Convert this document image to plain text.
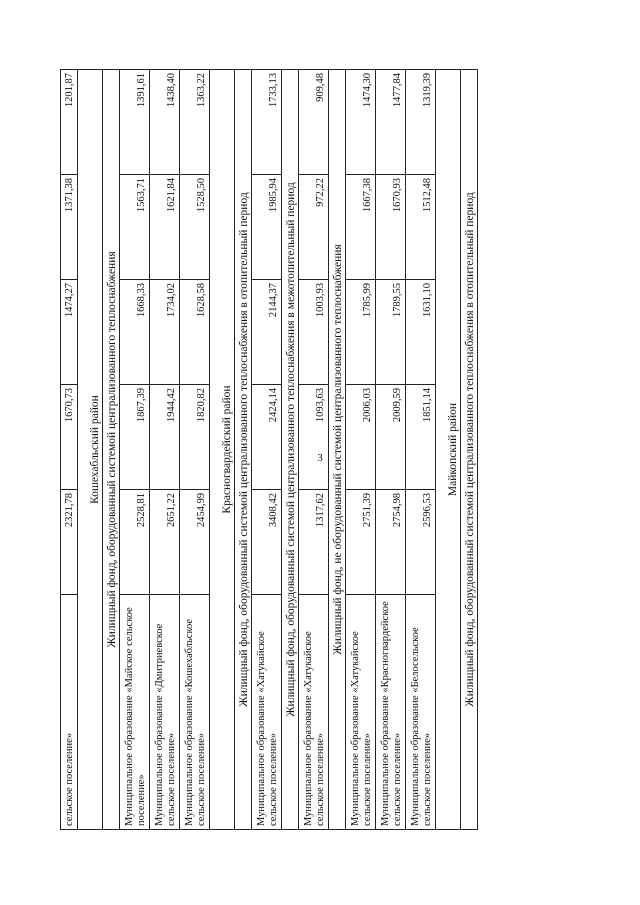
3
сельское поселение»	2321,78	1670,73	1474,27	1371,38	1201,87
Кошехабльский район					
Жилищный фонд, оборудованный системой централизованного теплоснабжения					
Муниципальное образование «Майское сельское поселение»	2528,81	1867,39	1668,33	1563,71	1391,61
Муниципальное образование «Дмитриевское сельское поселение»	2651,22	1944,42	1734,02	1621,84	1438,40
Муниципальное образование «Кошехабльское сельское поселение»	2454,99	1820,82	1628,58	1528,50	1363,22
Красногвардейский район					
Жилищный фонд, оборудованный системой централизованного теплоснабжения в отопительный период					
Муниципальное образование «Хатукайское сельское поселение»	3408,42	2424,14	2144,37	1985,94	1733,13
Жилищный фонд, оборудованный системой централизованного теплоснабжения в межотопительный период					
Муниципальное образование «Хатукайское сельское поселение»	1317,62	1093,63	1003,93	972,22	909,48
Жилищный фонд, не оборудованный системой централизованного теплоснабжения					
Муниципальное образование «Хатукайское сельское поселение»	2751,39	2006,03	1785,99	1667,38	1474,30
Муниципальное образование «Красногвардейское сельское поселение»	2754,98	2009,59	1789,55	1670,93	1477,84
Муниципальное образование «Белосельское сельское поселение»	2596,53	1851,14	1631,10	1512,48	1319,39
Майкопский район					
Жилищный фонд, оборудованный системой централизованного теплоснабжения в отопительный период					
